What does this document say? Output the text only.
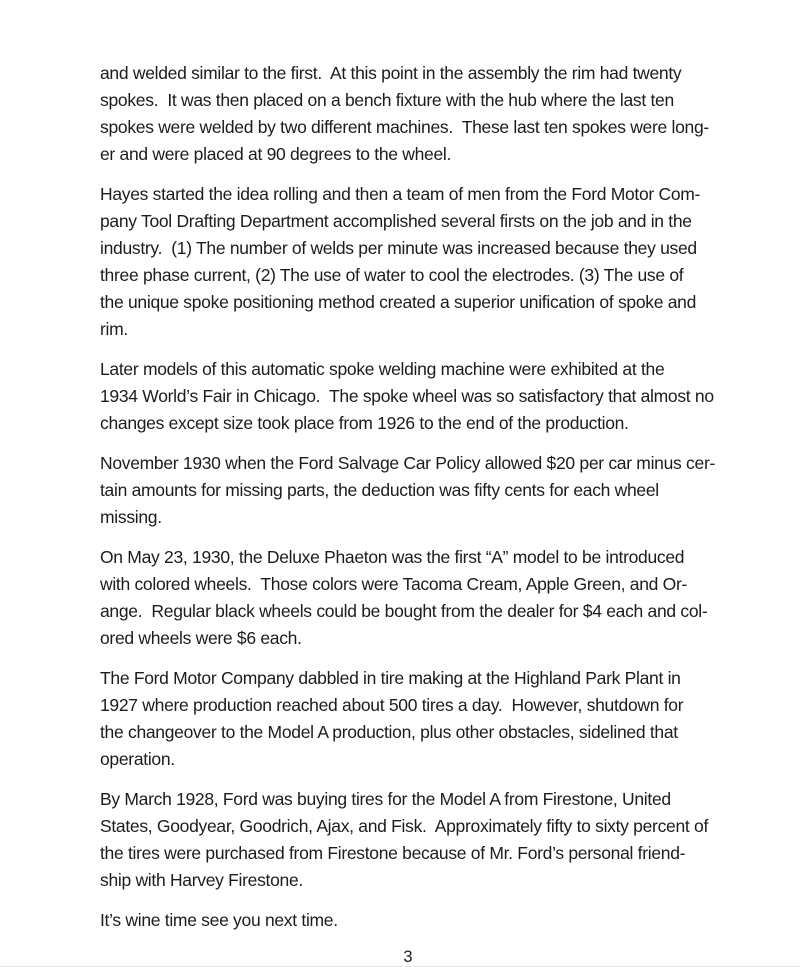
and welded similar to the first.  At this point in the assembly the rim had twenty
spokes.  It was then placed on a bench fixture with the hub where the last ten
spokes were welded by two different machines.  These last ten spokes were long-
er and were placed at 90 degrees to the wheel.

Hayes started the idea rolling and then a team of men from the Ford Motor Com-
pany Tool Drafting Department accomplished several firsts on the job and in the
industry.  (1) The number of welds per minute was increased because they used
three phase current, (2) The use of water to cool the electrodes. (3) The use of
the unique spoke positioning method created a superior unification of spoke and
rim.

Later models of this automatic spoke welding machine were exhibited at the
1934 World’s Fair in Chicago.  The spoke wheel was so satisfactory that almost no
changes except size took place from 1926 to the end of the production.

November 1930 when the Ford Salvage Car Policy allowed $20 per car minus cer-
tain amounts for missing parts, the deduction was fifty cents for each wheel
missing.

On May 23, 1930, the Deluxe Phaeton was the first “A” model to be introduced
with colored wheels.  Those colors were Tacoma Cream, Apple Green, and Or-
ange.  Regular black wheels could be bought from the dealer for $4 each and col-
ored wheels were $6 each.

The Ford Motor Company dabbled in tire making at the Highland Park Plant in
1927 where production reached about 500 tires a day.  However, shutdown for
the changeover to the Model A production, plus other obstacles, sidelined that
operation.

By March 1928, Ford was buying tires for the Model A from Firestone, United
States, Goodyear, Goodrich, Ajax, and Fisk.  Approximately fifty to sixty percent of
the tires were purchased from Firestone because of Mr. Ford’s personal friend-
ship with Harvey Firestone.

It’s wine time see you next time.

3
